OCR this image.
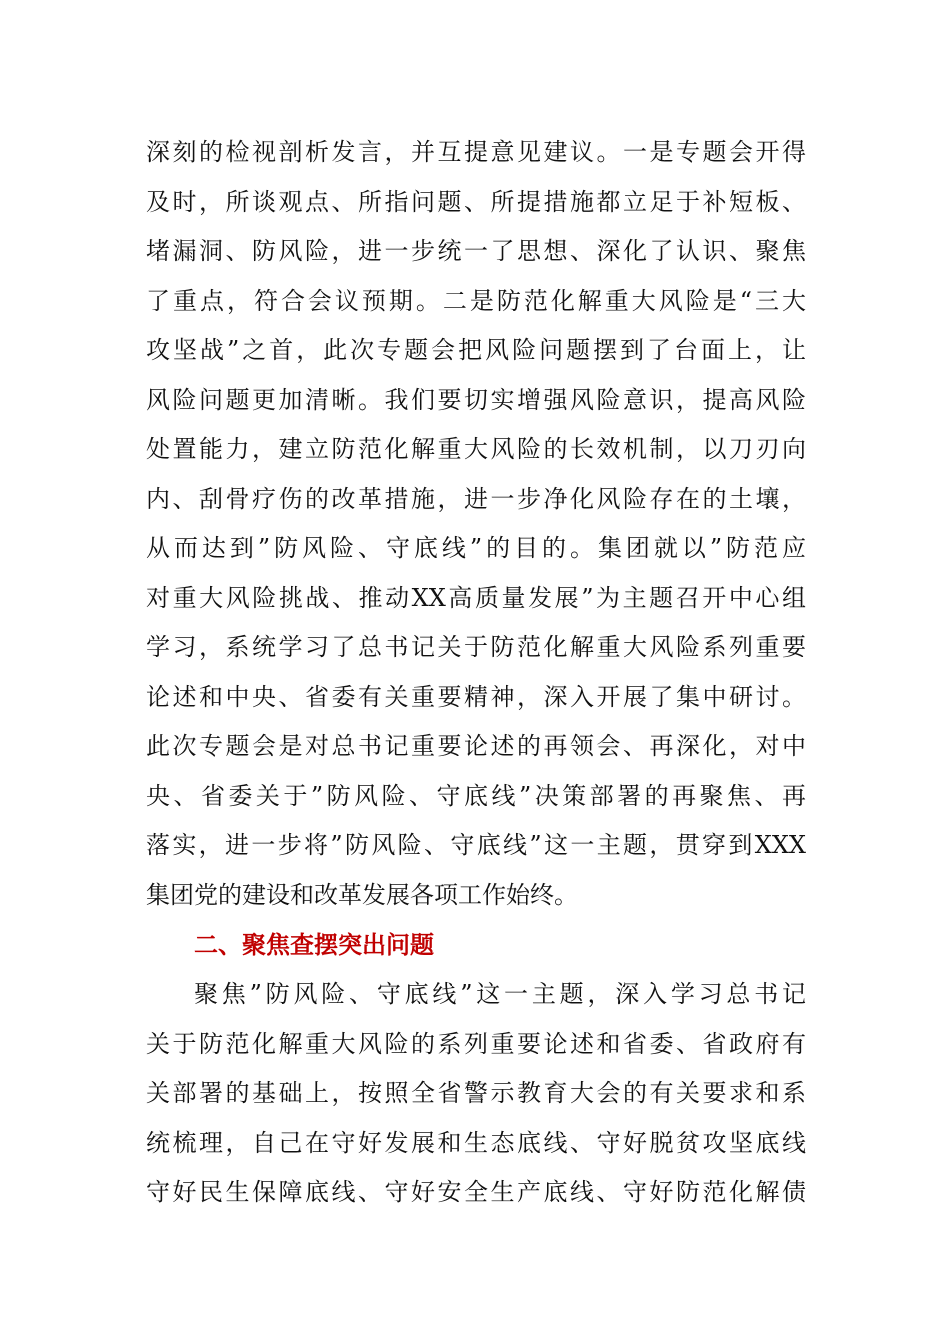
深刻的检视剖析发言，并互提意见建议。一是专题会开得
及时，所谈观点、所指问题、所提措施都立足于补短板、
堵漏洞、防风险，进一步统一了思想、深化了认识、聚焦
了重点，符合会议预期。二是防范化解重大风险是“三大
攻坚战”之首，此次专题会把风险问题摆到了台面上，让
风险问题更加清晰。我们要切实增强风险意识，提高风险
处置能力，建立防范化解重大风险的长效机制，以刀刃向
内、刮骨疗伤的改革措施，进一步净化风险存在的土壤，
从而达到”防风险、守底线”的目的。集团就以”防范应
对重大风险挑战、推动XX高质量发展”为主题召开中心组
学习，系统学习了总书记关于防范化解重大风险系列重要
论述和中央、省委有关重要精神，深入开展了集中研讨。
此次专题会是对总书记重要论述的再领会、再深化，对中
央、省委关于”防风险、守底线”决策部署的再聚焦、再
落实，进一步将”防风险、守底线”这一主题，贯穿到XXX
集团党的建设和改革发展各项工作始终。
二、聚焦查摆突出问题
聚焦”防风险、守底线”这一主题，深入学习总书记
关于防范化解重大风险的系列重要论述和省委、省政府有
关部署的基础上，按照全省警示教育大会的有关要求和系
统梳理，自己在守好发展和生态底线、守好脱贫攻坚底线
守好民生保障底线、守好安全生产底线、守好防范化解债
